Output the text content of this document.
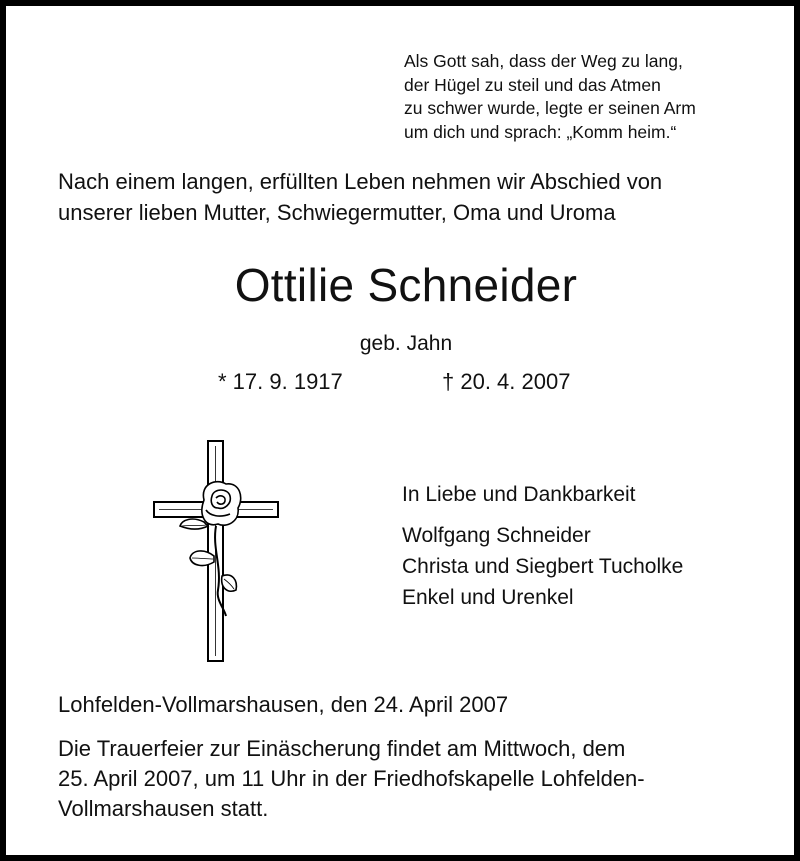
Als Gott sah, dass der Weg zu lang,
der Hügel zu steil und das Atmen
zu schwer wurde, legte er seinen Arm
um dich und sprach: „Komm heim.“
Nach einem langen, erfüllten Leben nehmen wir Abschied von
unserer lieben Mutter, Schwiegermutter, Oma und Uroma
Ottilie Schneider
geb. Jahn
* 17. 9. 1917	† 20. 4. 2007
In Liebe und Dankbarkeit
Wolfgang Schneider
Christa und Siegbert Tucholke
Enkel und Urenkel
Lohfelden-Vollmarshausen, den 24. April 2007
Die Trauerfeier zur Einäscherung findet am Mittwoch, dem
25. April 2007, um 11 Uhr in der Friedhofskapelle Lohfelden-
Vollmarshausen statt.
